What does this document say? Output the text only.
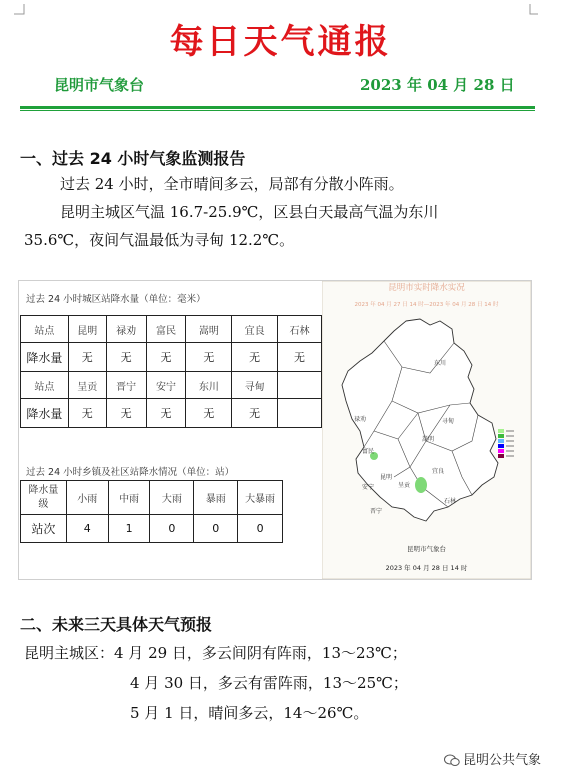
每日天气通报
昆明市气象台	2023 年 04 月 28 日
一、过去 24 小时气象监测报告
过去 24 小时，全市晴间多云，局部有分散小阵雨。
昆明主城区气温 16.7-25.9℃，区县白天最高气温为东川
35.6℃，夜间气温最低为寻甸 12.2℃。
过去 24 小时城区站降水量（单位：毫米）
站点	昆明	禄劝	富民	嵩明	宜良	石林
降水量	无	无	无	无	无	无
站点	呈贡	晋宁	安宁	东川	寻甸	
降水量	无	无	无	无	无	
过去 24 小时乡镇及社区站降水情况（单位：站）
降水量
级	小雨	中雨	大雨	暴雨	大暴雨
站次	4	1	0	0	0
昆明市实时降水实况
2023 年 04 月 27 日 14 时—2023 年 04 月 28 日 14 时
东川
禄劝	寻甸
嵩明
富民
昆明
呈贡
宜良
安宁
晋宁
石林
昆明市气象台
2023 年 04 月 28 日 14 时
二、未来三天具体天气预报
昆明主城区：4 月 29 日，多云间阴有阵雨，13～23℃；
4 月 30 日，多云有雷阵雨，13～25℃；
5 月 1 日，晴间多云，14～26℃。
昆明公共气象
